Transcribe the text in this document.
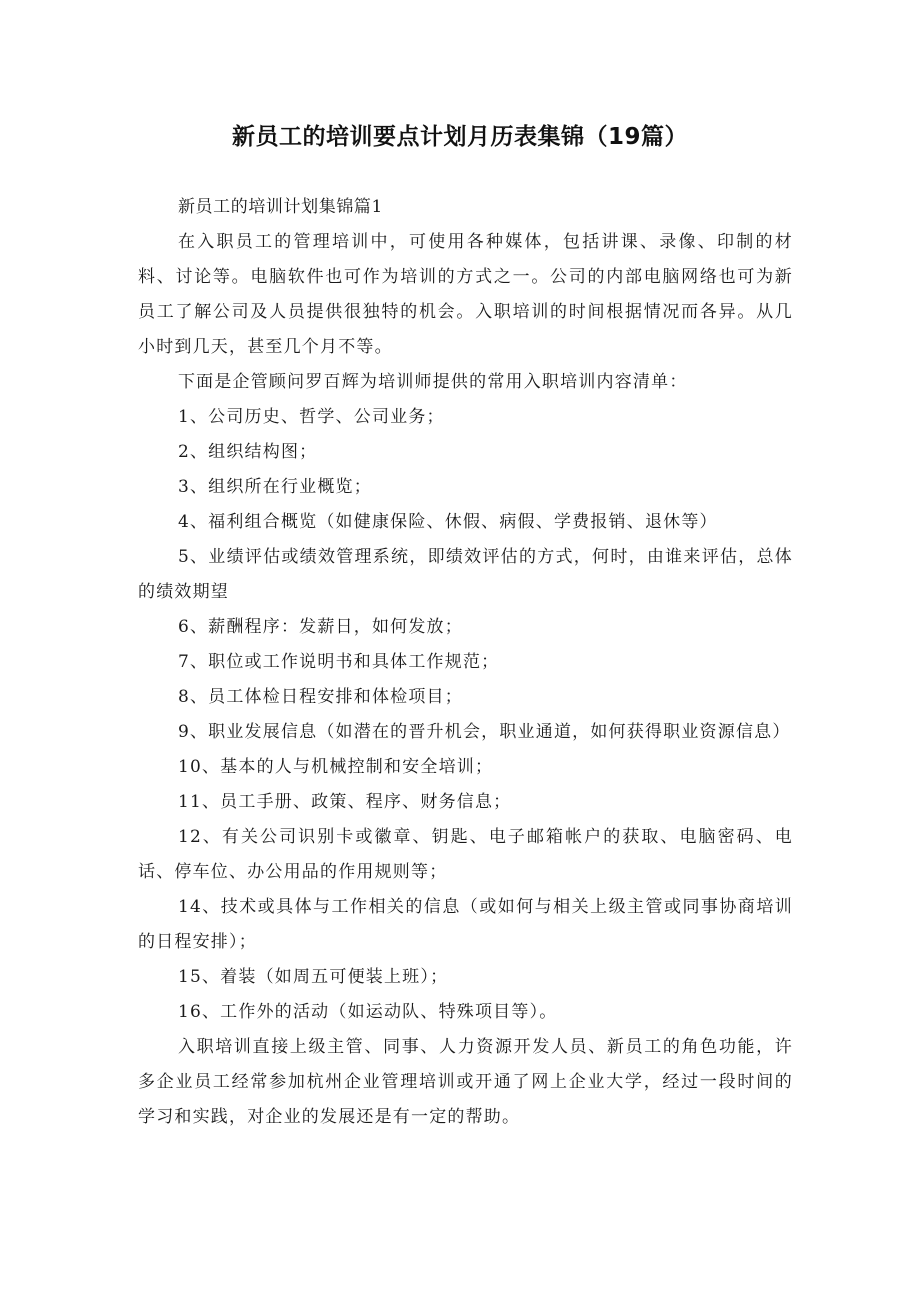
新员工的培训要点计划月历表集锦（19篇）

新员工的培训计划集锦篇1

在入职员工的管理培训中，可使用各种媒体，包括讲课、录像、印制的材料、讨论等。电脑软件也可作为培训的方式之一。公司的内部电脑网络也可为新员工了解公司及人员提供很独特的机会。入职培训的时间根据情况而各异。从几小时到几天，甚至几个月不等。

下面是企管顾问罗百辉为培训师提供的常用入职培训内容清单：

1、公司历史、哲学、公司业务；

2、组织结构图；

3、组织所在行业概览；

4、福利组合概览（如健康保险、休假、病假、学费报销、退休等）

5、业绩评估或绩效管理系统，即绩效评估的方式，何时，由谁来评估，总体的绩效期望

6、薪酬程序：发薪日，如何发放；

7、职位或工作说明书和具体工作规范；

8、员工体检日程安排和体检项目；

9、职业发展信息（如潜在的晋升机会，职业通道，如何获得职业资源信息）

10、基本的人与机械控制和安全培训；

11、员工手册、政策、程序、财务信息；

12、有关公司识别卡或徽章、钥匙、电子邮箱帐户的获取、电脑密码、电话、停车位、办公用品的作用规则等；

14、技术或具体与工作相关的信息（或如何与相关上级主管或同事协商培训的日程安排）；

15、着装（如周五可便装上班）；

16、工作外的活动（如运动队、特殊项目等）。

入职培训直接上级主管、同事、人力资源开发人员、新员工的角色功能，许多企业员工经常参加杭州企业管理培训或开通了网上企业大学，经过一段时间的学习和实践，对企业的发展还是有一定的帮助。
